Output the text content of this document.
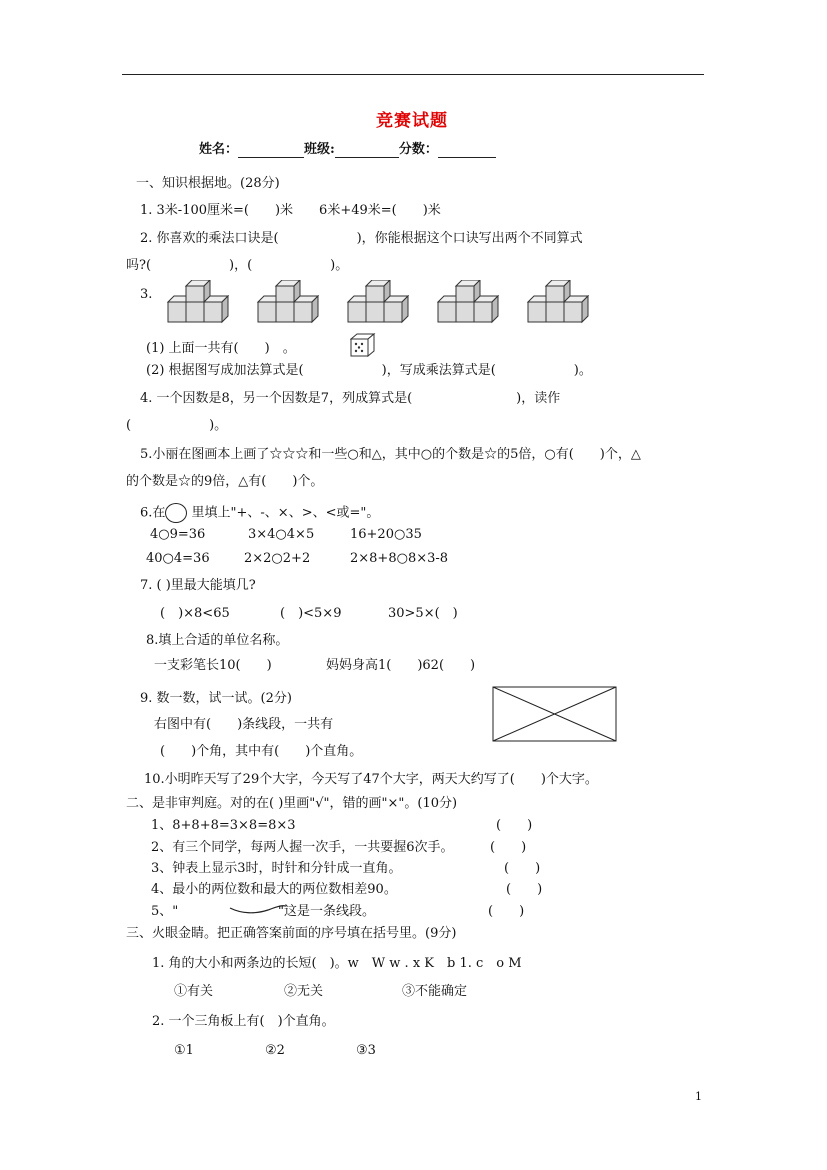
竞赛试题
姓名：	班级:	分数：
一、知识根据地。(28分)
1. 3米-100厘米=(　　)米　　6米+49米=(　　)米
2. 你喜欢的乘法口诀是(　　　　　　)，你能根据这个口诀写出两个不同算式
吗?(　　　　　　)，(　　　　　　)。
3.
(1) 上面一共有(　　)　。
(2) 根据图写成加法算式是(　　　　　　)，写成乘法算式是(　　　　　　)。
4. 一个因数是8，另一个因数是7，列成算式是(　　　　　　　　)，读作
(　　　　　　)。
5.小丽在图画本上画了☆☆☆和一些○和△，其中○的个数是☆的5倍，○有(　　)个，△
的个数是☆的9倍，△有(　　)个。
6.在 里填上"+、-、×、>、<或="。
4○9=36	3×4○4×5	16+20○35
40○4=36	2×2○2+2	2×8+8○8×3-8
7. ( )里最大能填几?
(　)×8<65	(　)<5×9	30>5×(　)
8.填上合适的单位名称。
一支彩笔长10(　　)	妈妈身高1(　　)62(　　)
9. 数一数，试一试。(2分)
右图中有(　　)条线段，一共有
(　　)个角，其中有(　　)个直角。
10.小明昨天写了29个大字，今天写了47个大字，两天大约写了(　　)个大字。
二、是非审判庭。对的在( )里画"√"，错的画"×"。(10分)
1、8+8+8=3×8=8×3	(　　)
2、有三个同学，每两人握一次手，一共要握6次手。	(　　)
3、钟表上显示3时，时针和分针成一直角。	(　　)
4、最小的两位数和最大的两位数相差90。	(　　)
5、"	"这是一条线段。	(　　)
三、火眼金睛。把正确答案前面的序号填在括号里。(9分)
1. 角的大小和两条边的长短(　)。w　W w . x K　b 1. c　o M
①有关	②无关	③不能确定
2. 一个三角板上有(　)个直角。
①1	②2	③3
1
